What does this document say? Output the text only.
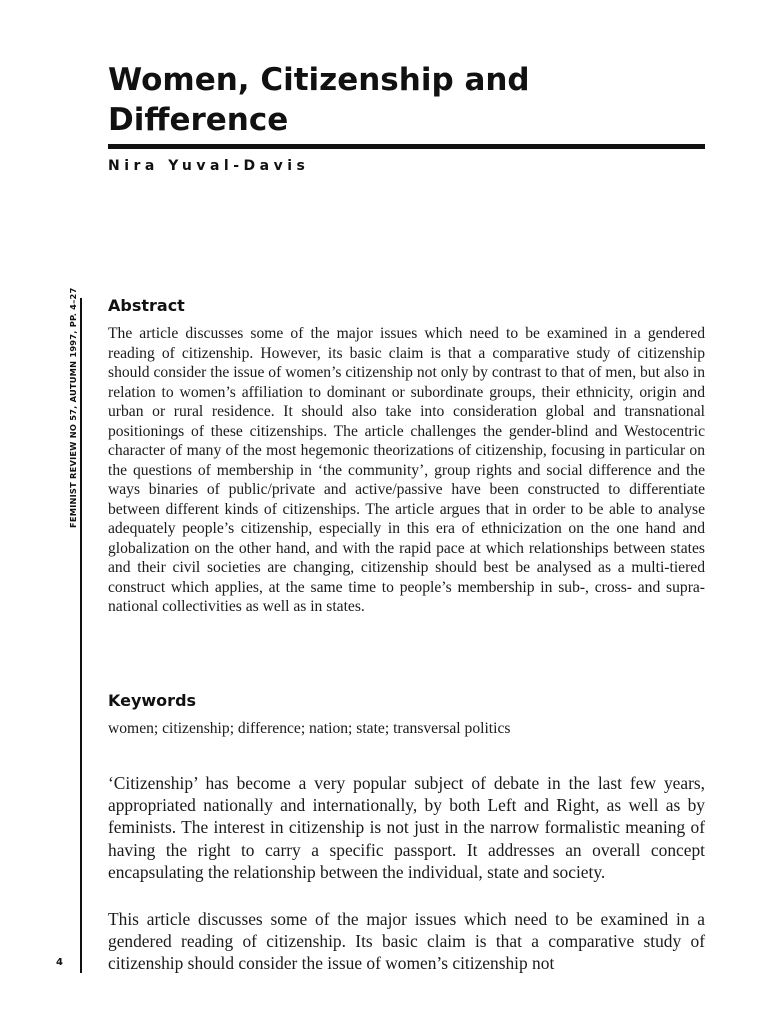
Women, Citizenship and Difference

Nira Yuval-Davis

FEMINIST REVIEW NO 57, AUTUMN 1997, PP. 4–27
4
Abstract

The article discusses some of the major issues which need to be examined in a gendered reading of citizenship. However, its basic claim is that a comparative study of citizenship should consider the issue of women’s citizenship not only by contrast to that of men, but also in relation to women’s affiliation to dominant or subordinate groups, their ethnicity, origin and urban or rural residence. It should also take into consideration global and transnational positionings of these citizenships. The article challenges the gender-blind and Westocentric character of many of the most hegemonic theorizations of citizenship, focusing in particular on the questions of membership in ‘the community’, group rights and social difference and the ways binaries of public/private and active/passive have been constructed to differentiate between different kinds of citizenships. The article argues that in order to be able to analyse adequately people’s citizenship, especially in this era of ethnicization on the one hand and globalization on the other hand, and with the rapid pace at which relationships between states and their civil societies are changing, citizenship should best be analysed as a multi-tiered construct which applies, at the same time to people’s membership in sub-, cross- and supra-national collectivities as well as in states.

Keywords

women; citizenship; difference; nation; state; transversal politics

‘Citizenship’ has become a very popular subject of debate in the last few years, appropriated nationally and internationally, by both Left and Right, as well as by feminists. The interest in citizenship is not just in the narrow formalistic meaning of having the right to carry a specific passport. It addresses an overall concept encapsulating the relationship between the individual, state and society.

This article discusses some of the major issues which need to be examined in a gendered reading of citizenship. Its basic claim is that a comparative study of citizenship should consider the issue of women’s citizenship not
